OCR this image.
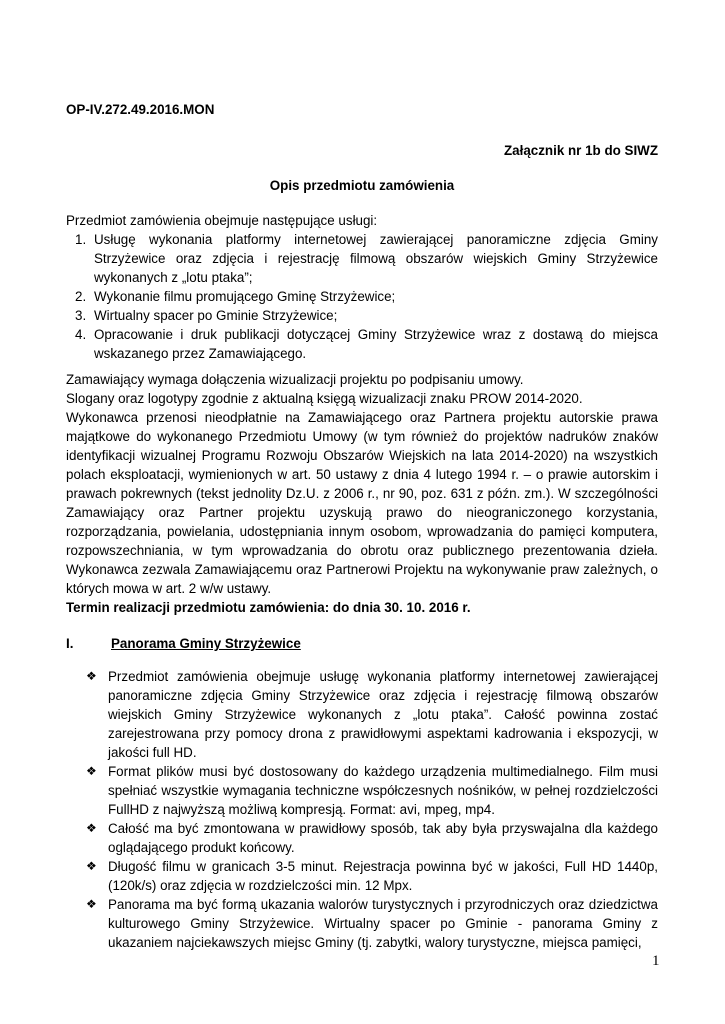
OP-IV.272.49.2016.MON
Załącznik nr 1b do SIWZ
Opis przedmiotu zamówienia

Przedmiot zamówienia obejmuje następujące usługi:

1. Usługę wykonania platformy internetowej zawierającej panoramiczne zdjęcia Gminy Strzyżewice oraz zdjęcia i rejestrację filmową obszarów wiejskich Gminy Strzyżewice wykonanych z „lotu ptaka”;
2. Wykonanie filmu promującego Gminę Strzyżewice;
3. Wirtualny spacer po Gminie Strzyżewice;
4. Opracowanie i druk publikacji dotyczącej Gminy Strzyżewice wraz z dostawą do miejsca wskazanego przez Zamawiającego.

Zamawiający wymaga dołączenia wizualizacji projektu po podpisaniu umowy.

Slogany oraz logotypy zgodnie z aktualną księgą wizualizacji znaku PROW 2014-2020.

Wykonawca przenosi nieodpłatnie na Zamawiającego oraz Partnera projektu autorskie prawa majątkowe do wykonanego Przedmiotu Umowy (w tym również do projektów nadruków znaków identyfikacji wizualnej Programu Rozwoju Obszarów Wiejskich na lata 2014-2020) na wszystkich polach eksploatacji, wymienionych w art. 50 ustawy z dnia 4 lutego 1994 r. – o prawie autorskim i prawach pokrewnych (tekst jednolity Dz.U. z 2006 r., nr 90, poz. 631 z późn. zm.). W szczególności Zamawiający oraz Partner projektu uzyskują prawo do nieograniczonego korzystania, rozporządzania, powielania, udostępniania innym osobom, wprowadzania do pamięci komputera, rozpowszechniania, w tym wprowadzania do obrotu oraz publicznego prezentowania dzieła. Wykonawca zezwala Zamawiającemu oraz Partnerowi Projektu na wykonywanie praw zależnych, o których mowa w art. 2 w/w ustawy.

Termin realizacji przedmiotu zamówienia: do dnia 30. 10. 2016 r.
I.	Panorama Gminy Strzyżewice
❖ Przedmiot zamówienia obejmuje usługę wykonania platformy internetowej zawierającej panoramiczne zdjęcia Gminy Strzyżewice oraz zdjęcia i rejestrację filmową obszarów wiejskich Gminy Strzyżewice wykonanych z „lotu ptaka”. Całość powinna zostać zarejestrowana przy pomocy drona z prawidłowymi aspektami kadrowania i ekspozycji, w jakości full HD.
❖ Format plików musi być dostosowany do każdego urządzenia multimedialnego. Film musi spełniać wszystkie wymagania techniczne współczesnych nośników, w pełnej rozdzielczości FullHD z najwyższą możliwą kompresją. Format: avi, mpeg, mp4.
❖ Całość ma być zmontowana w prawidłowy sposób, tak aby była przyswajalna dla każdego oglądającego produkt końcowy.
❖ Długość filmu w granicach 3-5 minut. Rejestracja powinna być w jakości, Full HD 1440p, (120k/s) oraz zdjęcia w rozdzielczości min. 12 Mpx.
❖ Panorama ma być formą ukazania walorów turystycznych i przyrodniczych oraz dziedzictwa kulturowego Gminy Strzyżewice. Wirtualny spacer po Gminie - panorama Gminy z ukazaniem najciekawszych miejsc Gminy (tj. zabytki, walory turystyczne, miejsca pamięci,
1
